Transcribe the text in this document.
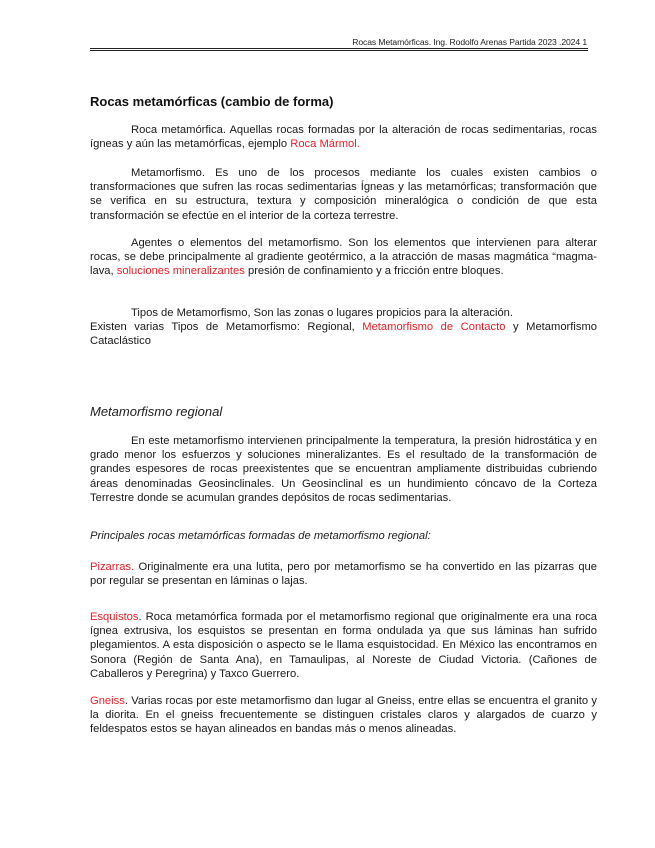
Rocas Metamórficas. Ing. Rodolfo Arenas Partida 2023 .2024 1
Rocas metamórficas (cambio de forma)

Roca metamórfica. Aquellas rocas formadas por la alteración de rocas sedimentarias, rocas ígneas y aún las metamórficas, ejemplo Roca Mármol.

Metamorfismo. Es uno de los procesos mediante los cuales existen cambios o transformaciones que sufren las rocas sedimentarias Ígneas y las metamórficas; transformación que se verifica en su estructura, textura y composición mineralógica o condición de que esta transformación se efectúe en el interior de la corteza terrestre.

Agentes o elementos del metamorfismo. Son los elementos que intervienen para alterar rocas, se debe principalmente al gradiente geotérmico, a la atracción de masas magmática “magma-lava, soluciones mineralizantes presión de confinamiento y a fricción entre bloques.

Tipos de Metamorfismo, Son las zonas o lugares propicios para la alteración.
Existen varias Tipos de Metamorfismo: Regional, Metamorfismo de Contacto y Metamorfismo Cataclástico
Metamorfismo regional

En este metamorfismo intervienen principalmente la temperatura, la presión hidrostática y en grado menor los esfuerzos y soluciones mineralizantes. Es el resultado de la transformación de grandes espesores de rocas preexistentes que se encuentran ampliamente distribuidas cubriendo áreas denominadas Geosinclinales. Un Geosinclinal es un hundimiento cóncavo de la Corteza Terrestre donde se acumulan grandes depósitos de rocas sedimentarias.

Principales rocas metamórficas formadas de metamorfismo regional:

Pizarras. Originalmente era una lutita, pero por metamorfismo se ha convertido en las pizarras que por regular se presentan en láminas o lajas.

Esquistos. Roca metamórfica formada por el metamorfismo regional que originalmente era una roca ígnea extrusiva, los esquistos se presentan en forma ondulada ya que sus láminas han sufrido plegamientos. A esta disposición o aspecto se le llama esquistocidad. En México las encontramos en Sonora (Región de Santa Ana), en Tamaulipas, al Noreste de Ciudad Victoria. (Cañones de Caballeros y Peregrina) y Taxco Guerrero.

Gneiss. Varias rocas por este metamorfismo dan lugar al Gneiss, entre ellas se encuentra el granito y la diorita. En el gneiss frecuentemente se distinguen cristales claros y alargados de cuarzo y feldespatos estos se hayan alineados en bandas más o menos alineadas.
